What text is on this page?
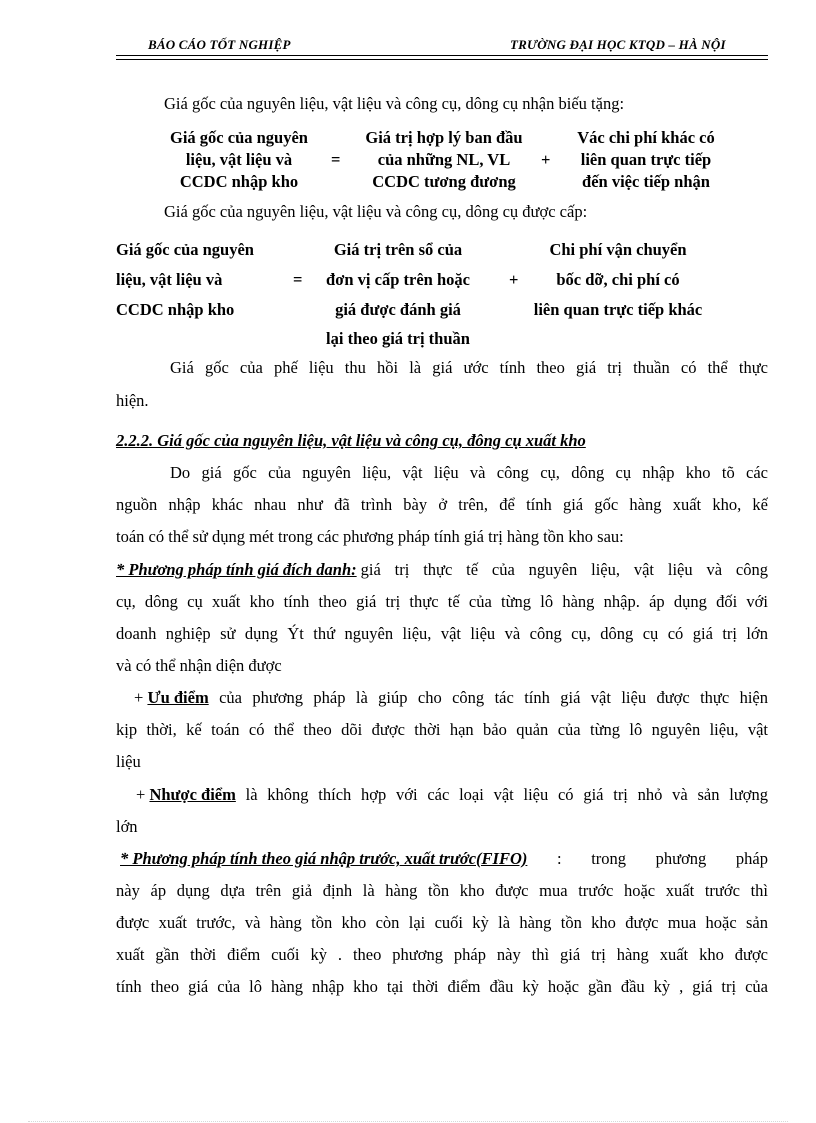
BÁO CÁO TỐT NGHIỆP	TRƯỜNG ĐẠI HỌC KTQD – HÀ NỘI
Giá gốc của nguyên liệu, vật liệu và công cụ, dông cụ nhận biếu tặng:
Giá gốc của nguyên
liệu, vật liệu và
CCDC nhập kho
=
Giá trị hợp lý ban đầu
của những NL, VL
CCDC tương đương
+
Vác chi phí khác có
liên quan trực tiếp
đến việc tiếp nhận
Giá gốc của nguyên liệu, vật liệu và công cụ, dông cụ được cấp:
Giá gốc của nguyên
liệu, vật liệu và
CCDC nhập kho
=
Giá trị trên sổ của
đơn vị cấp trên hoặc
giá được đánh giá
lại theo giá trị thuần
+
Chi phí vận chuyển
bốc dỡ, chi phí có
liên quan trực tiếp khác
Giá gốc của phế liệu thu hồi là giá ước tính theo giá trị thuần có thể thực
hiện.
2.2.2. Giá gốc của nguyên liệu, vật liệu và công cụ, đông cụ xuất kho
Do giá gốc của nguyên liệu, vật liệu và công cụ, dông cụ nhập kho tõ các
nguồn nhập khác nhau như đã trình bày ở trên, để tính giá gốc hàng xuất kho, kế
toán có thể sử dụng mét trong các phương pháp tính giá trị hàng tồn kho sau:
* Phương pháp tính giá đích danh: giá trị thực tế của nguyên liệu, vật liệu và công
cụ, dông cụ xuất kho tính theo giá trị thực tế của từng lô hàng nhập. áp dụng đối với
doanh nghiệp sử dụng Ýt thứ nguyên liệu, vật liệu và công cụ, dông cụ có giá trị lớn
và có thể nhận diện được
+ Ưu điểm của phương pháp là giúp cho công tác tính giá vật liệu được thực hiện
kịp thời, kế toán có thể theo dõi được thời hạn bảo quản của từng lô nguyên liệu, vật
liệu
+ Nhược điểm là không thích hợp với các loại vật liệu có giá trị nhỏ và sản lượng
lớn
* Phương pháp tính theo giá nhập trước, xuất trước(FIFO) : trong phương pháp
này áp dụng dựa trên giả định là hàng tồn kho được mua trước hoặc xuất trước thì
được xuất trước, và hàng tồn kho còn lại cuối kỳ là hàng tồn kho được mua hoặc sản
xuất gần thời điểm cuối kỳ . theo phương pháp này thì giá trị hàng xuất kho được
tính theo giá của lô hàng nhập kho tại thời điểm đầu kỳ hoặc gần đầu kỳ , giá trị của
